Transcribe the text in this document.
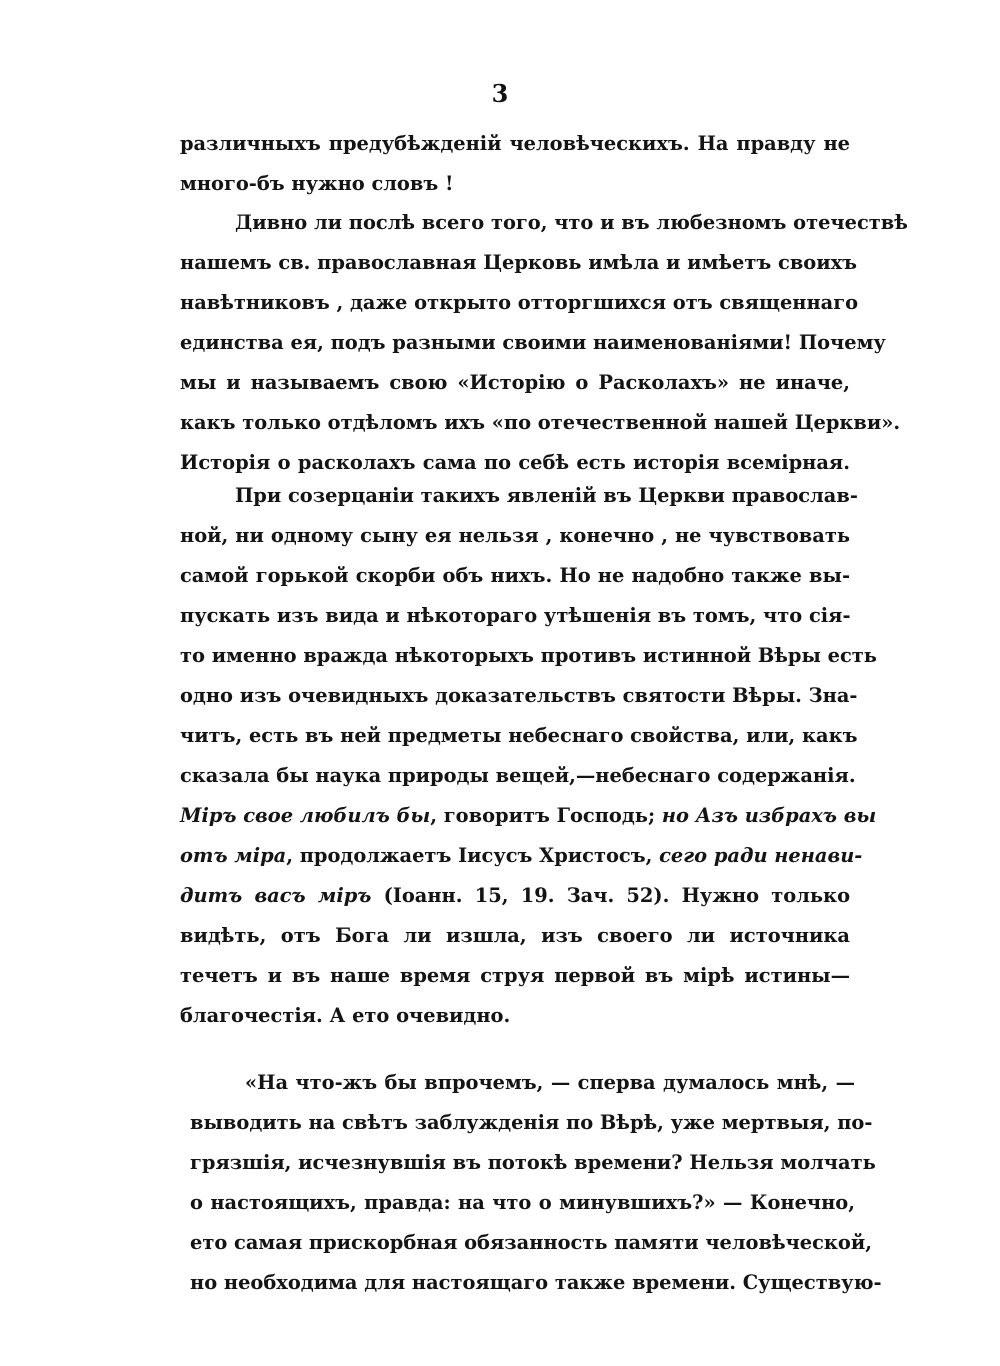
3
различныхъ предубѣжденій человѣческихъ. На правду не
много-бъ нужно словъ !
Дивно ли послѣ всего того, что и въ любезномъ отечествѣ
нашемъ св. православная Церковь имѣла и имѣетъ своихъ
навѣтниковъ , даже открыто отторгшихся отъ священнаго
единства ея, подъ разными своими наименованіями! Почему
мы и называемъ свою «Исторію о Расколахъ» не иначе,
какъ только отдѣломъ ихъ «по отечественной нашей Церкви».
Исторія о расколахъ сама по себѣ есть исторія всемірная.
При созерцаніи такихъ явленій въ Церкви православ-
ной, ни одному сыну ея нельзя , конечно , не чувствовать
самой горькой скорби объ нихъ. Но не надобно также вы-
пускать изъ вида и нѣкотораго утѣшенія въ томъ, что сія-
то именно вражда нѣкоторыхъ противъ истинной Вѣры есть
одно изъ очевидныхъ доказательствъ святости Вѣры. Зна-
читъ, есть въ ней предметы небеснаго свойства, или, какъ
сказала бы наука природы вещей,—небеснаго содержанія.
Міръ свое любилъ бы, говоритъ Господь; но Азъ избрахъ вы
отъ міра, продолжаетъ Іисусъ Христосъ, сего ради ненави-
дитъ васъ міръ (Іоанн. 15, 19. Зач. 52). Нужно только
видѣть, отъ Бога ли изшла, изъ своего ли источника
течетъ и въ наше время струя первой въ мірѣ истины—
благочестія. А ето очевидно.
«На что-жъ бы впрочемъ, — сперва думалось мнѣ, —
выводить на свѣтъ заблужденія по Вѣрѣ, уже мертвыя, по-
грязшія, исчезнувшія въ потокѣ времени? Нельзя молчать
о настоящихъ, правда: на что о минувшихъ?» — Конечно,
ето самая прискорбная обязанность памяти человѣческой,
но необходима для настоящаго также времени. Существую-
